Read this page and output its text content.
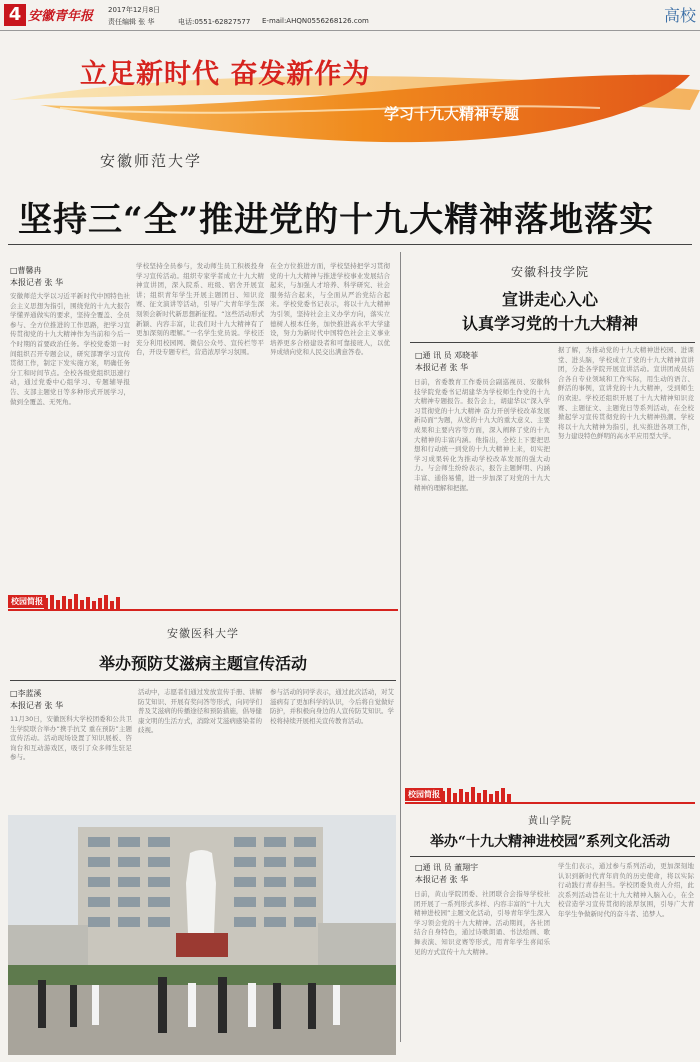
4 安徽青年报 2017年12月8日
责任编辑 张 华	电话:0551-62827577 E-mail:AHQN0556268126.com	高校
立足新时代 奋发新作为
学习十九大精神专题
安徽师范大学
坚持三“全”推进党的十九大精神落地落实
□曹馨冉
本报记者 张 华
安徽师范大学以习近平新时代中国特色社会主义思想为指引，围绕党的十九大报告学懂弄通做实的要求，坚持全覆盖、全员参与、全方位推进的工作思路，把学习宣传贯彻党的十九大精神作为当前和今后一个时期的首要政治任务。学校党委第一时间组织召开专题会议，研究部署学习宣传贯彻工作，制定下发实施方案，明确任务分工和时间节点。全校各级党组织迅速行动，通过党委中心组学习、专题辅导报告、支部主题党日等多种形式开展学习，做到全覆盖、无死角。
学校坚持全员参与，发动师生员工积极投身学习宣传活动。组织专家学者成立十九大精神宣讲团，深入院系、班级、宿舍开展宣讲；组织青年学生开展主题团日、知识竞赛、征文演讲等活动，引导广大青年学生深刻领会新时代新思想新征程。“这些活动形式新颖、内容丰富，让我们对十九大精神有了更加深刻的理解。”一名学生党员说。学校还充分利用校园网、微信公众号、宣传栏等平台，开设专题专栏，营造浓厚学习氛围。
在全方位推进方面，学校坚持把学习贯彻党的十九大精神与推进学校事业发展结合起来，与加强人才培养、科学研究、社会服务结合起来，与全面从严治党结合起来。学校党委书记表示，将以十九大精神为引领，坚持社会主义办学方向，落实立德树人根本任务，加快推进高水平大学建设，努力为新时代中国特色社会主义事业培养更多合格建设者和可靠接班人，以优异成绩向党和人民交出满意答卷。
安徽科技学院
宣讲走心入心
认真学习党的十九大精神
□通 讯 员 邓晓菲
本报记者 张 华
日前，省委教育工作委员会副巡视员、安徽科技学院党委书记胡建华为学校师生作党的十九大精神专题报告。报告会上，胡建华以“深入学习贯彻党的十九大精神 奋力开创学校改革发展新局面”为题，从党的十九大的重大意义、主要成果和主要内容等方面，深入阐释了党的十九大精神的丰富内涵。他指出，全校上下要把思想和行动统一到党的十九大精神上来，切实把学习成果转化为推动学校改革发展的强大动力。与会师生纷纷表示，报告主题鲜明、内涵丰富、通俗易懂，进一步加深了对党的十九大精神的理解和把握。
据了解，为推动党的十九大精神进校园、进课堂、进头脑，学校成立了党的十九大精神宣讲团，分赴各学院开展宣讲活动。宣讲团成员结合各自专业领域和工作实际，用生动的语言、鲜活的事例，宣讲党的十九大精神，受到师生的欢迎。学校还组织开展了十九大精神知识竞赛、主题征文、主题党日等系列活动，在全校掀起学习宣传贯彻党的十九大精神热潮。学校将以十九大精神为指引，扎实推进各项工作，努力建设特色鲜明的高水平应用型大学。
校园简报
安徽医科大学
举办预防艾滋病主题宣传活动
□李蓝溪
本报记者 张 华
11月30日，安徽医科大学校团委和公共卫生学院联合举办“携手抗艾 重在预防”主题宣传活动。活动现场设置了知识展板、咨询台和互动游戏区，吸引了众多师生驻足参与。
活动中，志愿者们通过发放宣传手册、讲解防艾知识、开展有奖问答等形式，向同学们普及艾滋病的传播途径和预防措施，倡导健康文明的生活方式，消除对艾滋病感染者的歧视。
参与活动的同学表示，通过此次活动，对艾滋病有了更加科学的认识，今后将自觉做好防护，并积极向身边的人宣传防艾知识。学校将持续开展相关宣传教育活动。
校园简报
黄山学院
举办“十九大精神进校园”系列文化活动
□通 讯 员 董翔宇
本报记者 张 华
日前，黄山学院团委、社团联合会指导学校社团开展了一系列形式多样、内容丰富的“十九大精神进校园”主题文化活动，引导青年学生深入学习领会党的十九大精神。活动期间，各社团结合自身特色，通过诗歌朗诵、书法绘画、歌舞表演、知识竞赛等形式，用青年学生喜闻乐见的方式宣传十九大精神。
学生们表示，通过参与系列活动，更加深刻地认识到新时代青年肩负的历史使命，将以实际行动践行青春担当。学校团委负责人介绍，此次系列活动旨在让十九大精神入脑入心，在全校营造学习宣传贯彻的浓厚氛围，引导广大青年学生争做新时代的奋斗者、追梦人。
